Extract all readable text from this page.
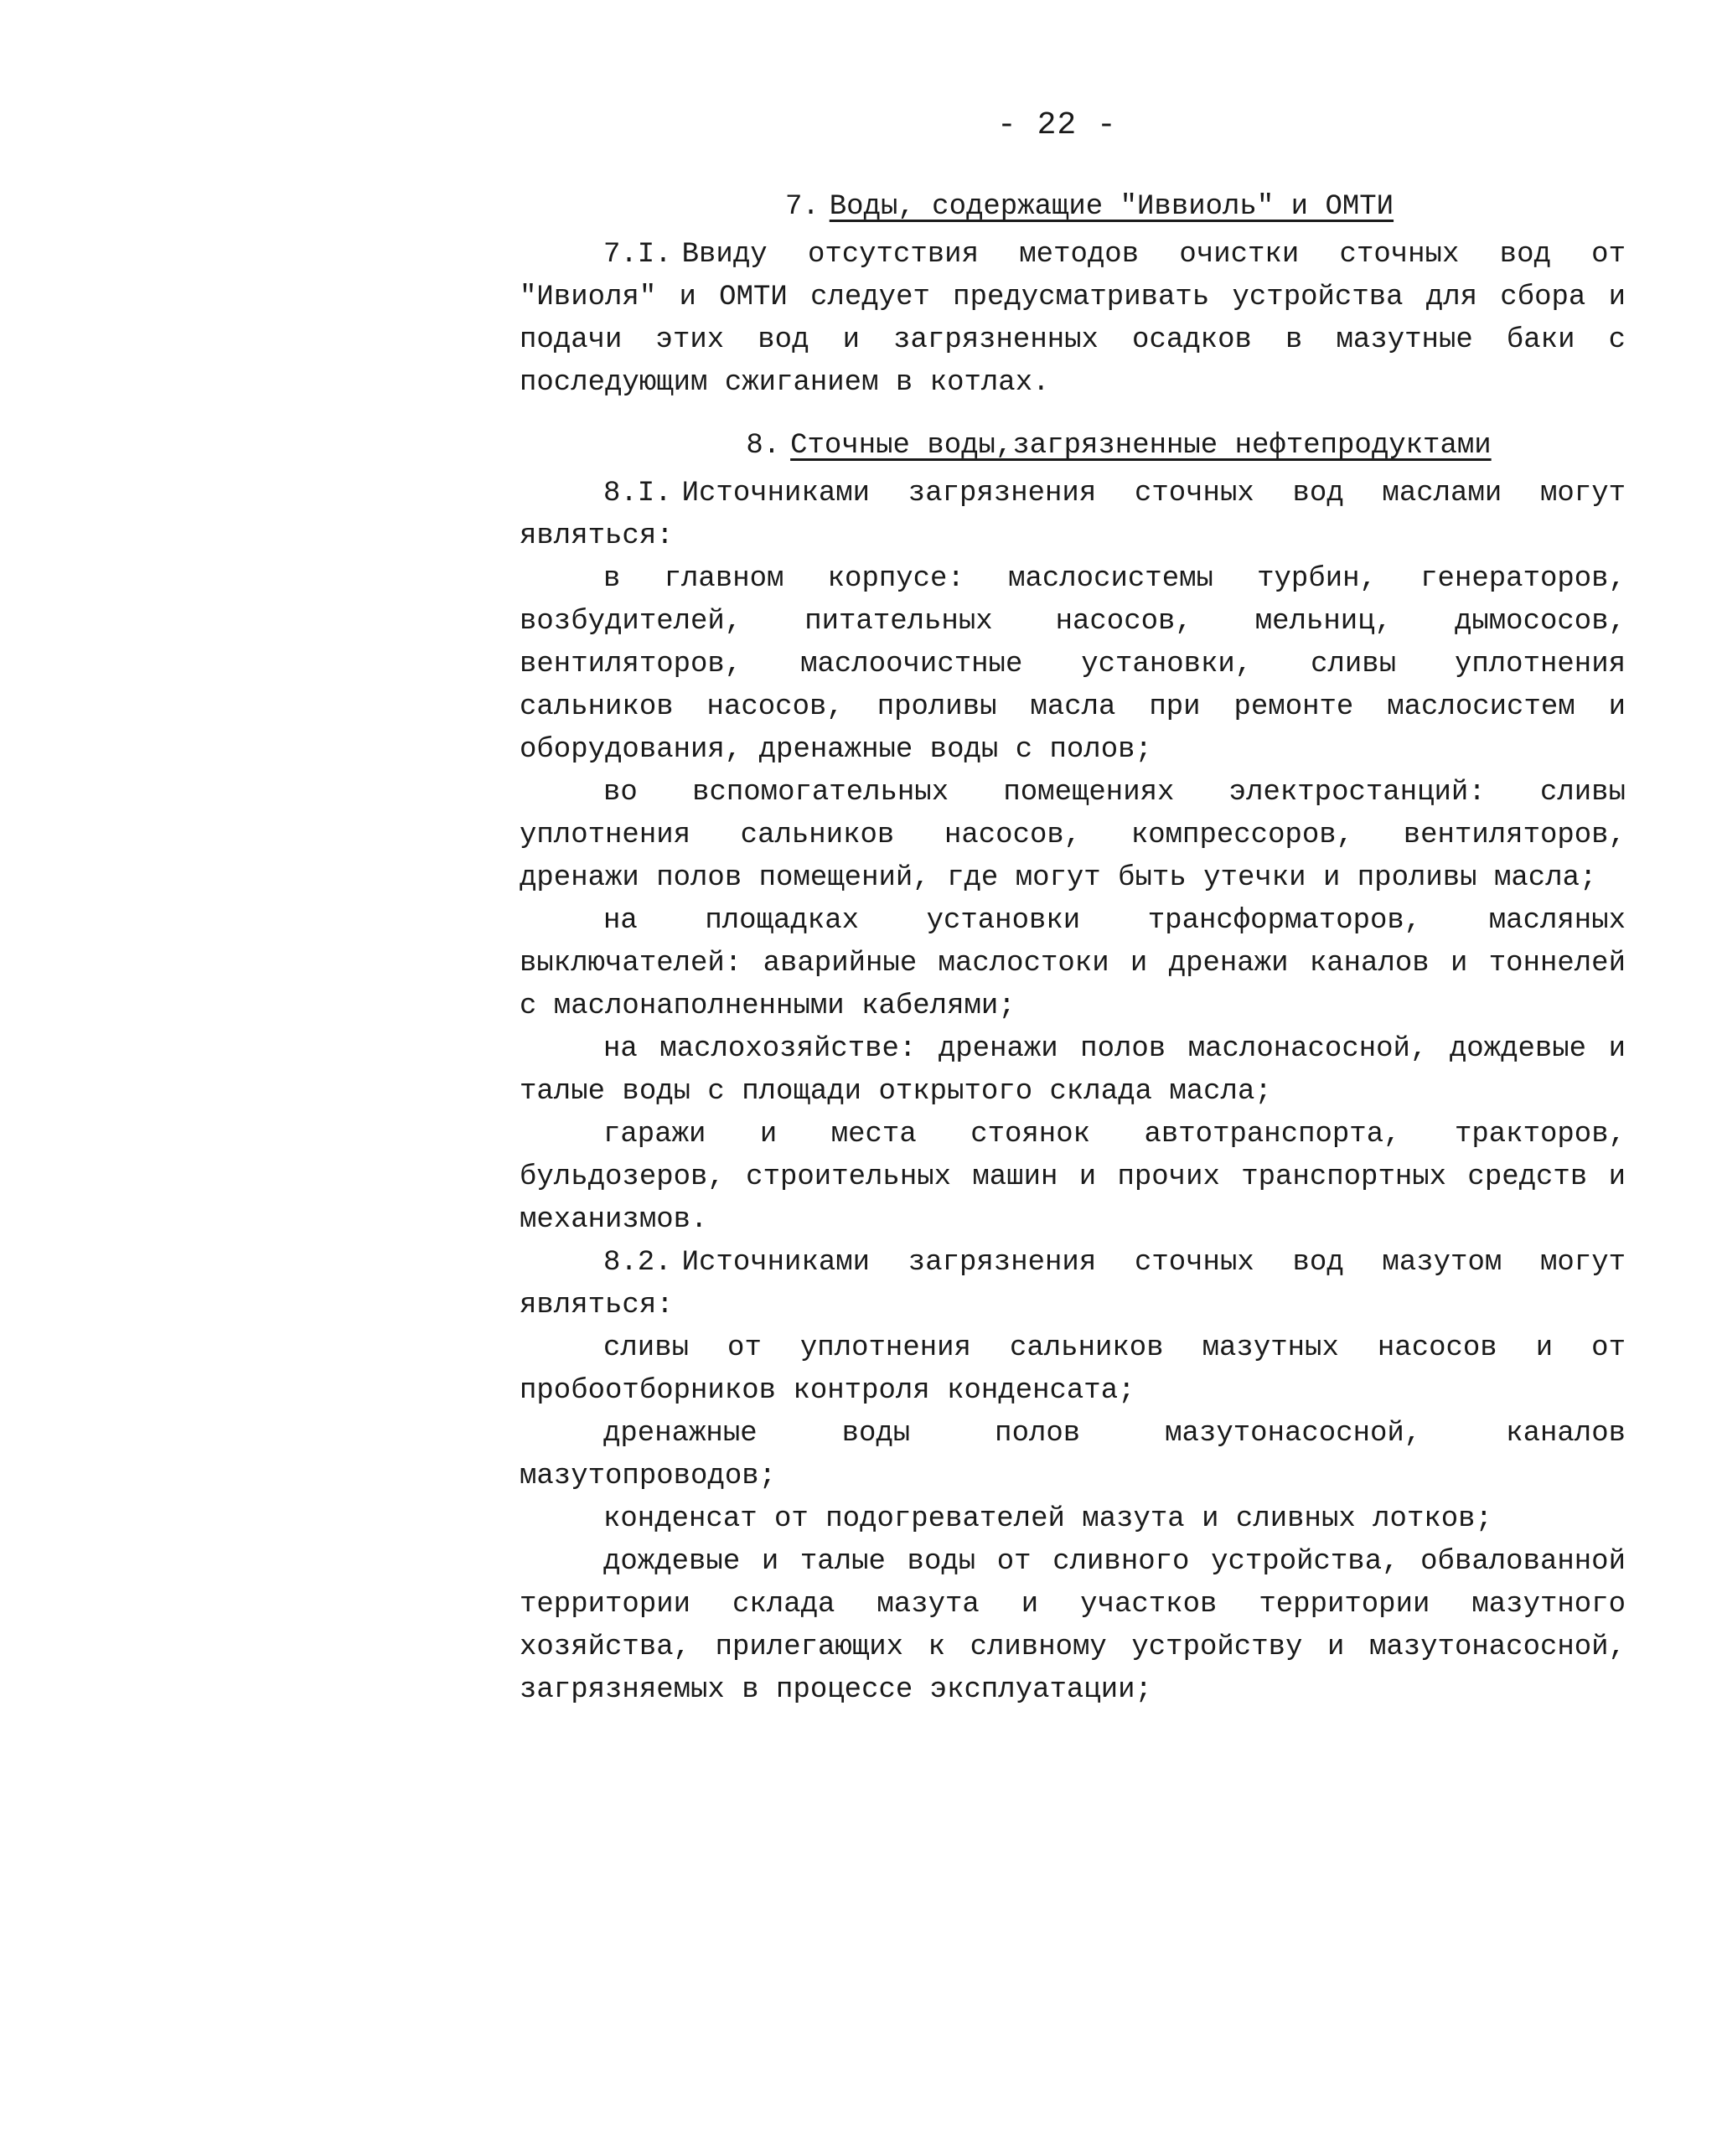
- 22 -
7. Воды, содержащие "Иввиоль" и ОМТИ

7.I. Ввиду отсутствия методов очистки сточных вод от "Ивиоля" и ОМТИ следует предусматривать устройства для сбора и подачи этих вод и загрязненных осадков в мазутные баки с последующим сжиганием в котлах.

8. Сточные воды,загрязненные нефтепродуктами

8.I. Источниками загрязнения сточных вод маслами могут являться:

в главном корпусе: маслосистемы турбин, генераторов, возбудителей, питательных насосов, мельниц, дымососов, вентиляторов, маслоочистные установки, сливы уплотнения сальников насосов, проливы масла при ремонте маслосистем и оборудования, дренажные воды с полов;

во вспомогательных помещениях электростанций: сливы уплотнения сальников насосов, компрессоров, вентиляторов, дренажи полов помещений, где могут быть утечки и проливы масла;

на площадках установки трансформаторов, масляных выключателей: аварийные маслостоки и дренажи каналов и тоннелей с маслонаполненными кабелями;

на маслохозяйстве: дренажи полов маслонасосной, дождевые и талые воды с площади открытого склада масла;

гаражи и места стоянок автотранспорта, тракторов, бульдозеров, строительных машин и прочих транспортных средств и механизмов.

8.2. Источниками загрязнения сточных вод мазутом могут являться:

сливы от уплотнения сальников мазутных насосов и от пробоотборников контроля конденсата;

дренажные воды полов мазутонасосной, каналов мазутопроводов;

конденсат от подогревателей мазута и сливных лотков;

дождевые и талые воды от сливного устройства, обвалованной территории склада мазута и участков территории мазутного хозяйства, прилегающих к сливному устройству и мазутонасосной, загрязняемых в процессе эксплуатации;
